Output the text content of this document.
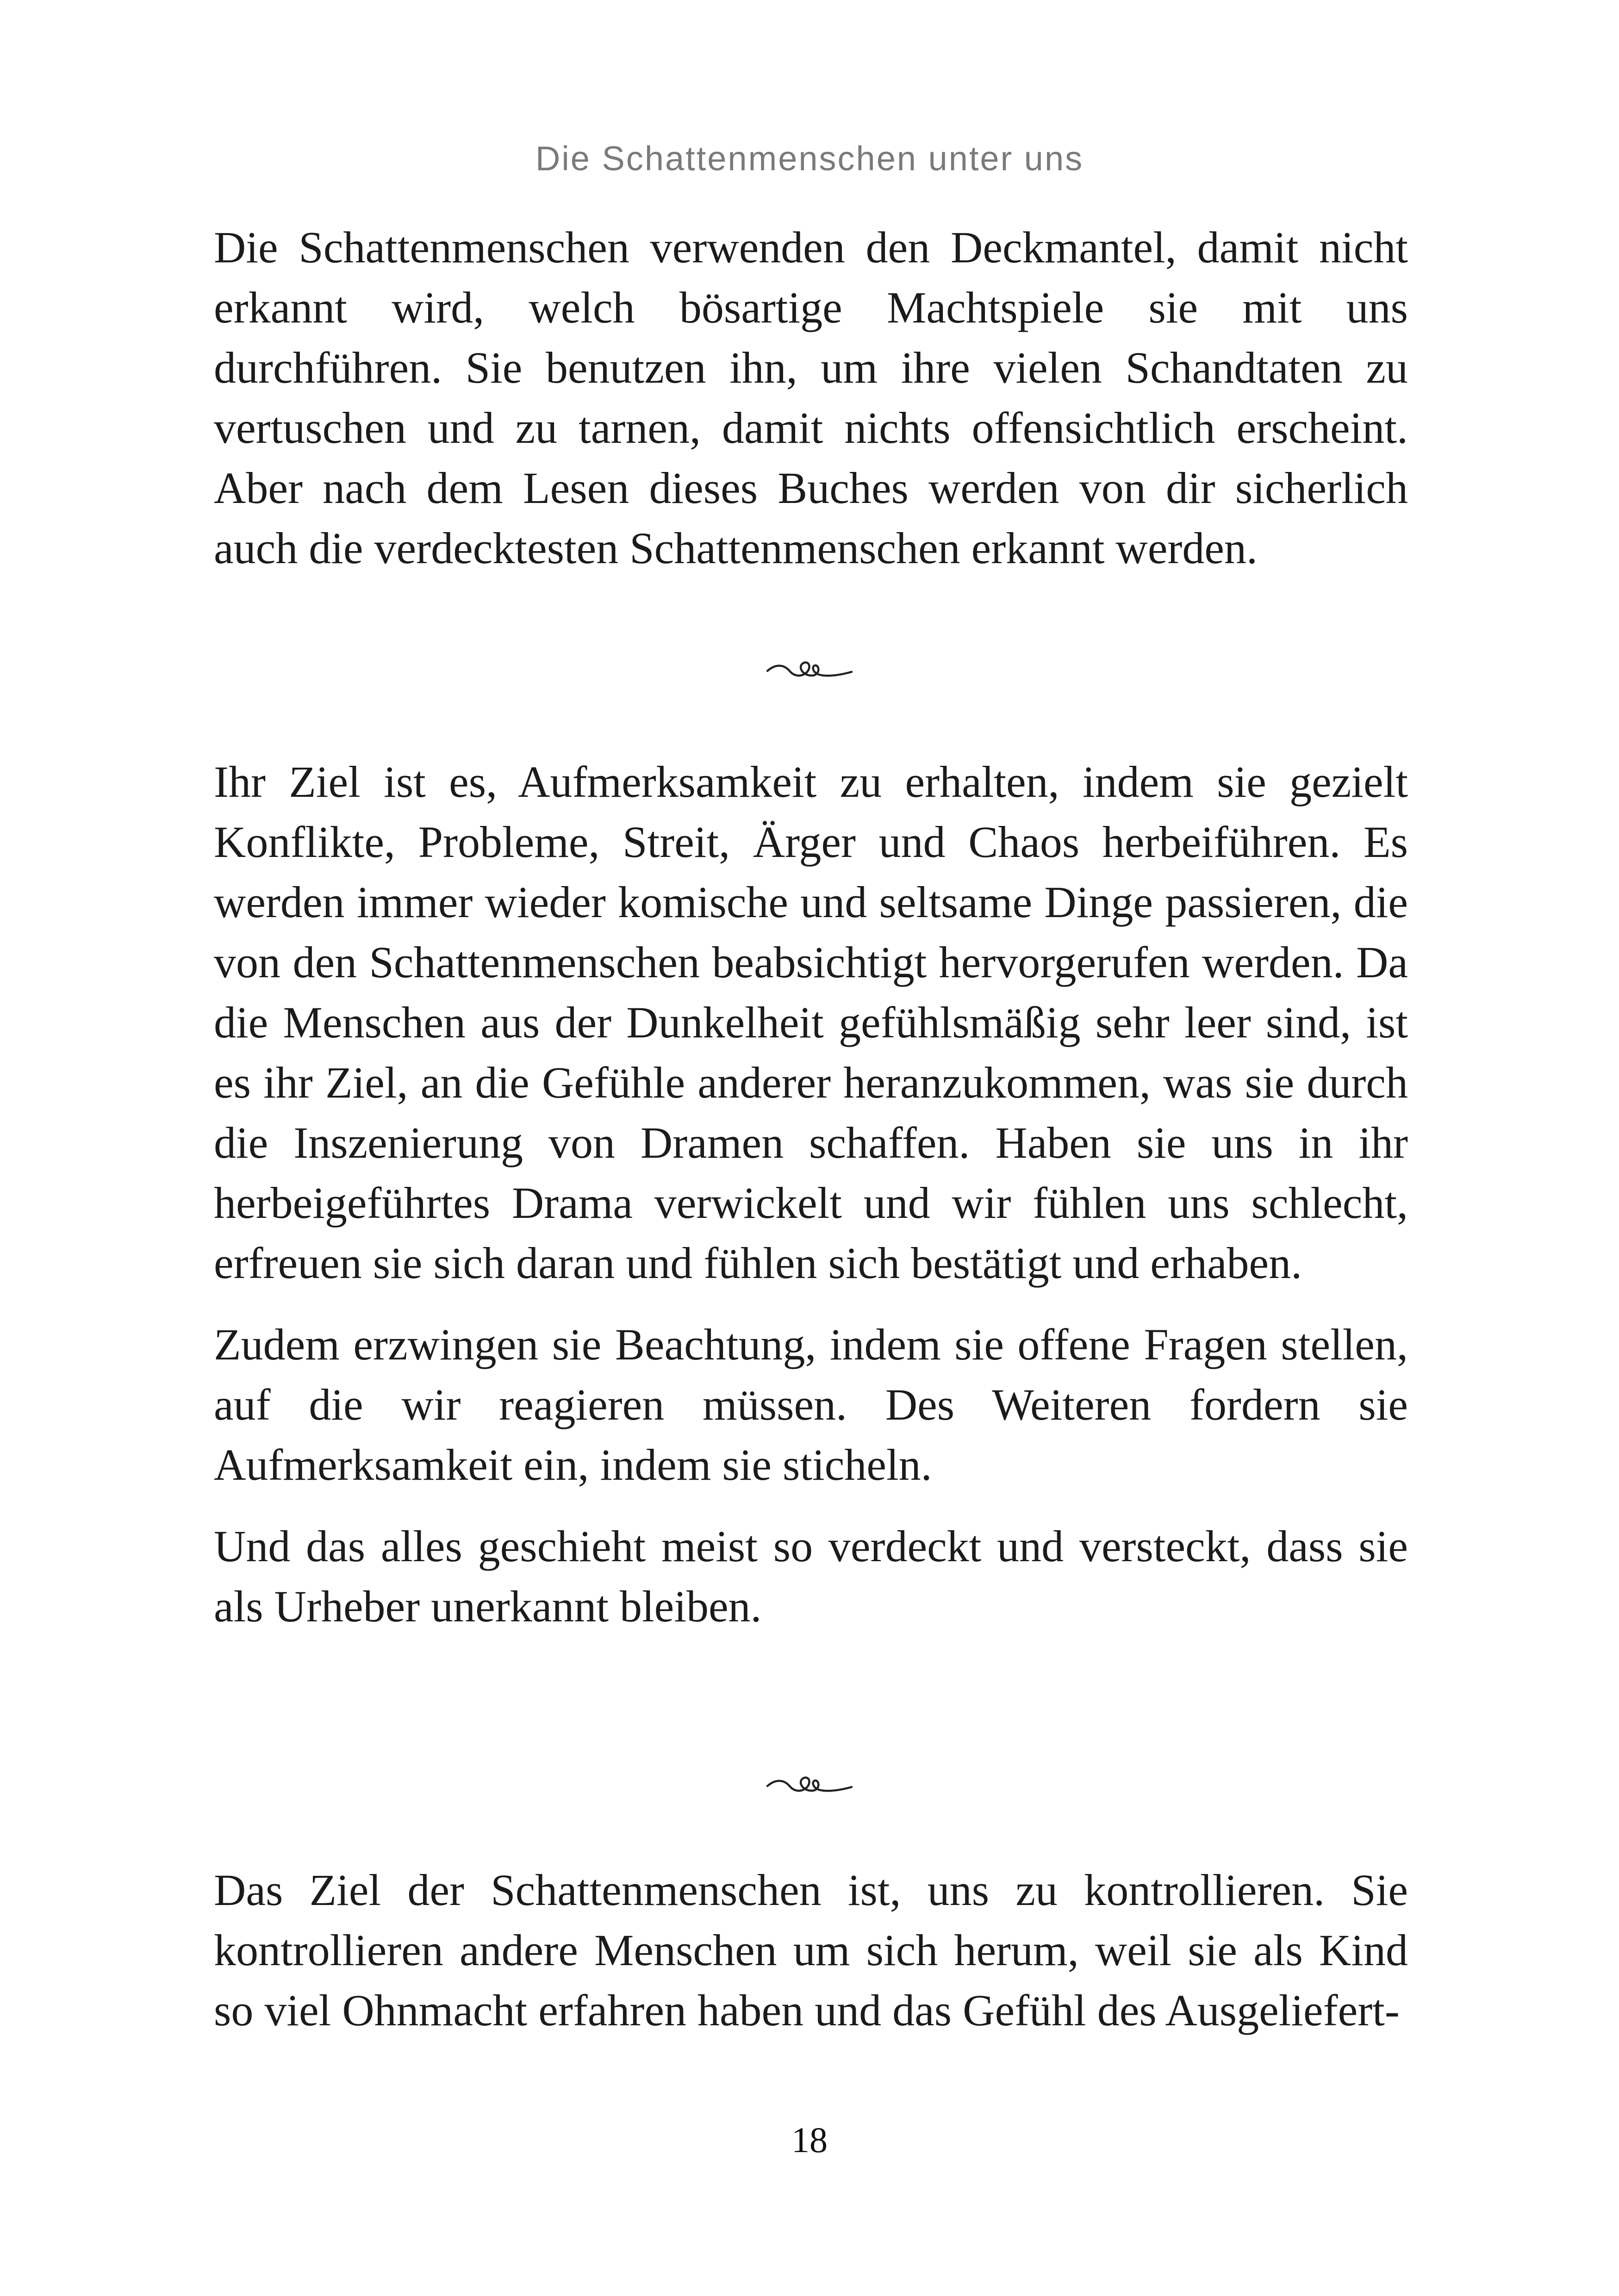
Die Schattenmenschen unter uns

Die Schattenmenschen verwenden den Deckmantel, damit nicht erkannt wird, welch bösartige Machtspiele sie mit uns durchführen. Sie benutzen ihn, um ihre vielen Schandtaten zu vertuschen und zu tarnen, damit nichts offensichtlich erscheint. Aber nach dem Lesen dieses Buches werden von dir sicherlich auch die verdecktesten Schattenmenschen erkannt werden.

Ihr Ziel ist es, Aufmerksamkeit zu erhalten, indem sie gezielt Konflikte, Probleme, Streit, Ärger und Chaos herbeiführen. Es werden immer wieder komische und seltsame Dinge passieren, die von den Schattenmenschen beabsichtigt hervorgerufen werden. Da die Menschen aus der Dunkelheit gefühlsmäßig sehr leer sind, ist es ihr Ziel, an die Gefühle anderer heranzukommen, was sie durch die Inszenierung von Dramen schaffen. Haben sie uns in ihr herbeigeführtes Drama verwickelt und wir fühlen uns schlecht, erfreuen sie sich daran und fühlen sich bestätigt und erhaben.

Zudem erzwingen sie Beachtung, indem sie offene Fragen stellen, auf die wir reagieren müssen. Des Weiteren fordern sie Aufmerksamkeit ein, indem sie sticheln.

Und das alles geschieht meist so verdeckt und versteckt, dass sie als Urheber unerkannt bleiben.

Das Ziel der Schattenmenschen ist, uns zu kontrollieren. Sie kontrollieren andere Menschen um sich herum, weil sie als Kind so viel Ohnmacht erfahren haben und das Gefühl des Ausgeliefert-

18
